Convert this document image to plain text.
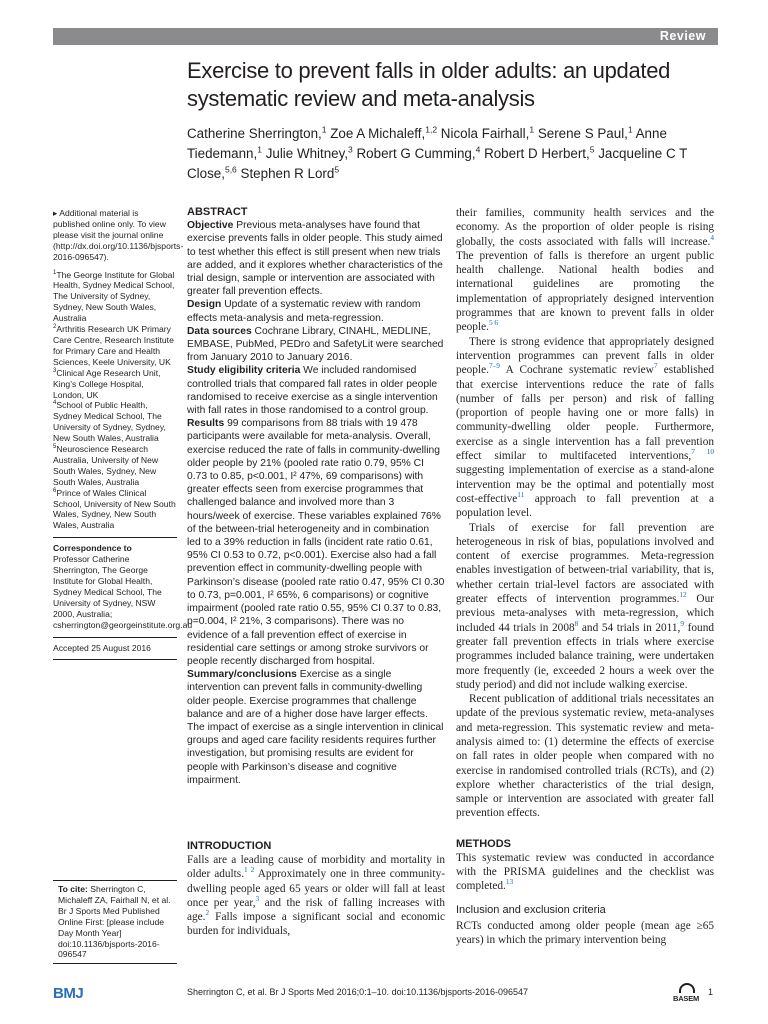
Review
Exercise to prevent falls in older adults: an updated systematic review and meta-analysis

Catherine Sherrington,$^1$ Zoe A Michaleff,$^{1,2}$ Nicola Fairhall,$^1$ Serene S Paul,$^1$ Anne Tiedemann,$^1$ Julie Whitney,$^3$ Robert G Cumming,$^4$ Robert D Herbert,$^5$ Jacqueline C T Close,$^{5,6}$ Stephen R Lord$^5$

▸ Additional material is published online only. To view please visit the journal online (http://dx.doi.org/10.1136/bjsports-2016-096547).

$^1$The George Institute for Global Health, Sydney Medical School, The University of Sydney, Sydney, New South Wales, Australia

$^2$Arthritis Research UK Primary Care Centre, Research Institute for Primary Care and Health Sciences, Keele University, UK

$^3$Clinical Age Research Unit, King’s College Hospital, London, UK

$^4$School of Public Health, Sydney Medical School, The University of Sydney, Sydney, New South Wales, Australia

$^5$Neuroscience Research Australia, University of New South Wales, Sydney, New South Wales, Australia

$^6$Prince of Wales Clinical School, University of New South Wales, Sydney, New South Wales, Australia

Correspondence to

Professor Catherine Sherrington, The George Institute for Global Health, Sydney Medical School, The University of Sydney, NSW 2000, Australia; csherrington@georgeinstitute.org.au

Accepted 25 August 2016

To cite: Sherrington C, Michaleff ZA, Fairhall N, et al. Br J Sports Med Published Online First: [please include Day Month Year] doi:10.1136/bjsports-2016-096547

ABSTRACT

Objective Previous meta-analyses have found that exercise prevents falls in older people. This study aimed to test whether this effect is still present when new trials are added, and it explores whether characteristics of the trial design, sample or intervention are associated with greater fall prevention effects.

Design Update of a systematic review with random effects meta-analysis and meta-regression.

Data sources Cochrane Library, CINAHL, MEDLINE, EMBASE, PubMed, PEDro and SafetyLit were searched from January 2010 to January 2016.

Study eligibility criteria We included randomised controlled trials that compared fall rates in older people randomised to receive exercise as a single intervention with fall rates in those randomised to a control group.

Results 99 comparisons from 88 trials with 19 478 participants were available for meta-analysis. Overall, exercise reduced the rate of falls in community-dwelling older people by 21% (pooled rate ratio 0.79, 95% CI 0.73 to 0.85, p<0.001, I² 47%, 69 comparisons) with greater effects seen from exercise programmes that challenged balance and involved more than 3 hours/week of exercise. These variables explained 76% of the between-trial heterogeneity and in combination led to a 39% reduction in falls (incident rate ratio 0.61, 95% CI 0.53 to 0.72, p<0.001). Exercise also had a fall prevention effect in community-dwelling people with Parkinson’s disease (pooled rate ratio 0.47, 95% CI 0.30 to 0.73, p=0.001, I² 65%, 6 comparisons) or cognitive impairment (pooled rate ratio 0.55, 95% CI 0.37 to 0.83, p=0.004, I² 21%, 3 comparisons). There was no evidence of a fall prevention effect of exercise in residential care settings or among stroke survivors or people recently discharged from hospital.

Summary/conclusions Exercise as a single intervention can prevent falls in community-dwelling older people. Exercise programmes that challenge balance and are of a higher dose have larger effects. The impact of exercise as a single intervention in clinical groups and aged care facility residents requires further investigation, but promising results are evident for people with Parkinson’s disease and cognitive impairment.

INTRODUCTION

Falls are a leading cause of morbidity and mortality in older adults.$^{1 2}$ Approximately one in three community-dwelling people aged 65 years or older will fall at least once per year,$^3$ and the risk of falling increases with age.$^2$ Falls impose a significant social and economic burden for individuals,

their families, community health services and the economy. As the proportion of older people is rising globally, the costs associated with falls will increase.$^4$ The prevention of falls is therefore an urgent public health challenge. National health bodies and international guidelines are promoting the implementation of appropriately designed intervention programmes that are known to prevent falls in older people.$^{5 6}$

There is strong evidence that appropriately designed intervention programmes can prevent falls in older people.$^{7-9}$ A Cochrane systematic review$^7$ established that exercise interventions reduce the rate of falls (number of falls per person) and risk of falling (proportion of people having one or more falls) in community-dwelling older people. Furthermore, exercise as a single intervention has a fall prevention effect similar to multifaceted interventions,$^{7 10}$ suggesting implementation of exercise as a stand-alone intervention may be the optimal and potentially most cost-effective$^{11}$ approach to fall prevention at a population level.

Trials of exercise for fall prevention are heterogeneous in risk of bias, populations involved and content of exercise programmes. Meta-regression enables investigation of between-trial variability, that is, whether certain trial-level factors are associated with greater effects of intervention programmes.$^{12}$ Our previous meta-analyses with meta-regression, which included 44 trials in 2008$^8$ and 54 trials in 2011,$^9$ found greater fall prevention effects in trials where exercise programmes included balance training, were undertaken more frequently (ie, exceeded 2 hours a week over the study period) and did not include walking exercise.

Recent publication of additional trials necessitates an update of the previous systematic review, meta-analyses and meta-regression. This systematic review and meta-analysis aimed to: (1) determine the effects of exercise on fall rates in older people when compared with no exercise in randomised controlled trials (RCTs), and (2) explore whether characteristics of the trial design, sample or intervention are associated with greater fall prevention effects.

METHODS

This systematic review was conducted in accordance with the PRISMA guidelines and the checklist was completed.$^{13}$

Inclusion and exclusion criteria

RCTs conducted among older people (mean age ≥65 years) in which the primary intervention being

BMJ	Sherrington C, et al. Br J Sports Med 2016;0:1–10. doi:10.1136/bjsports-2016-096547
BASEM
1
